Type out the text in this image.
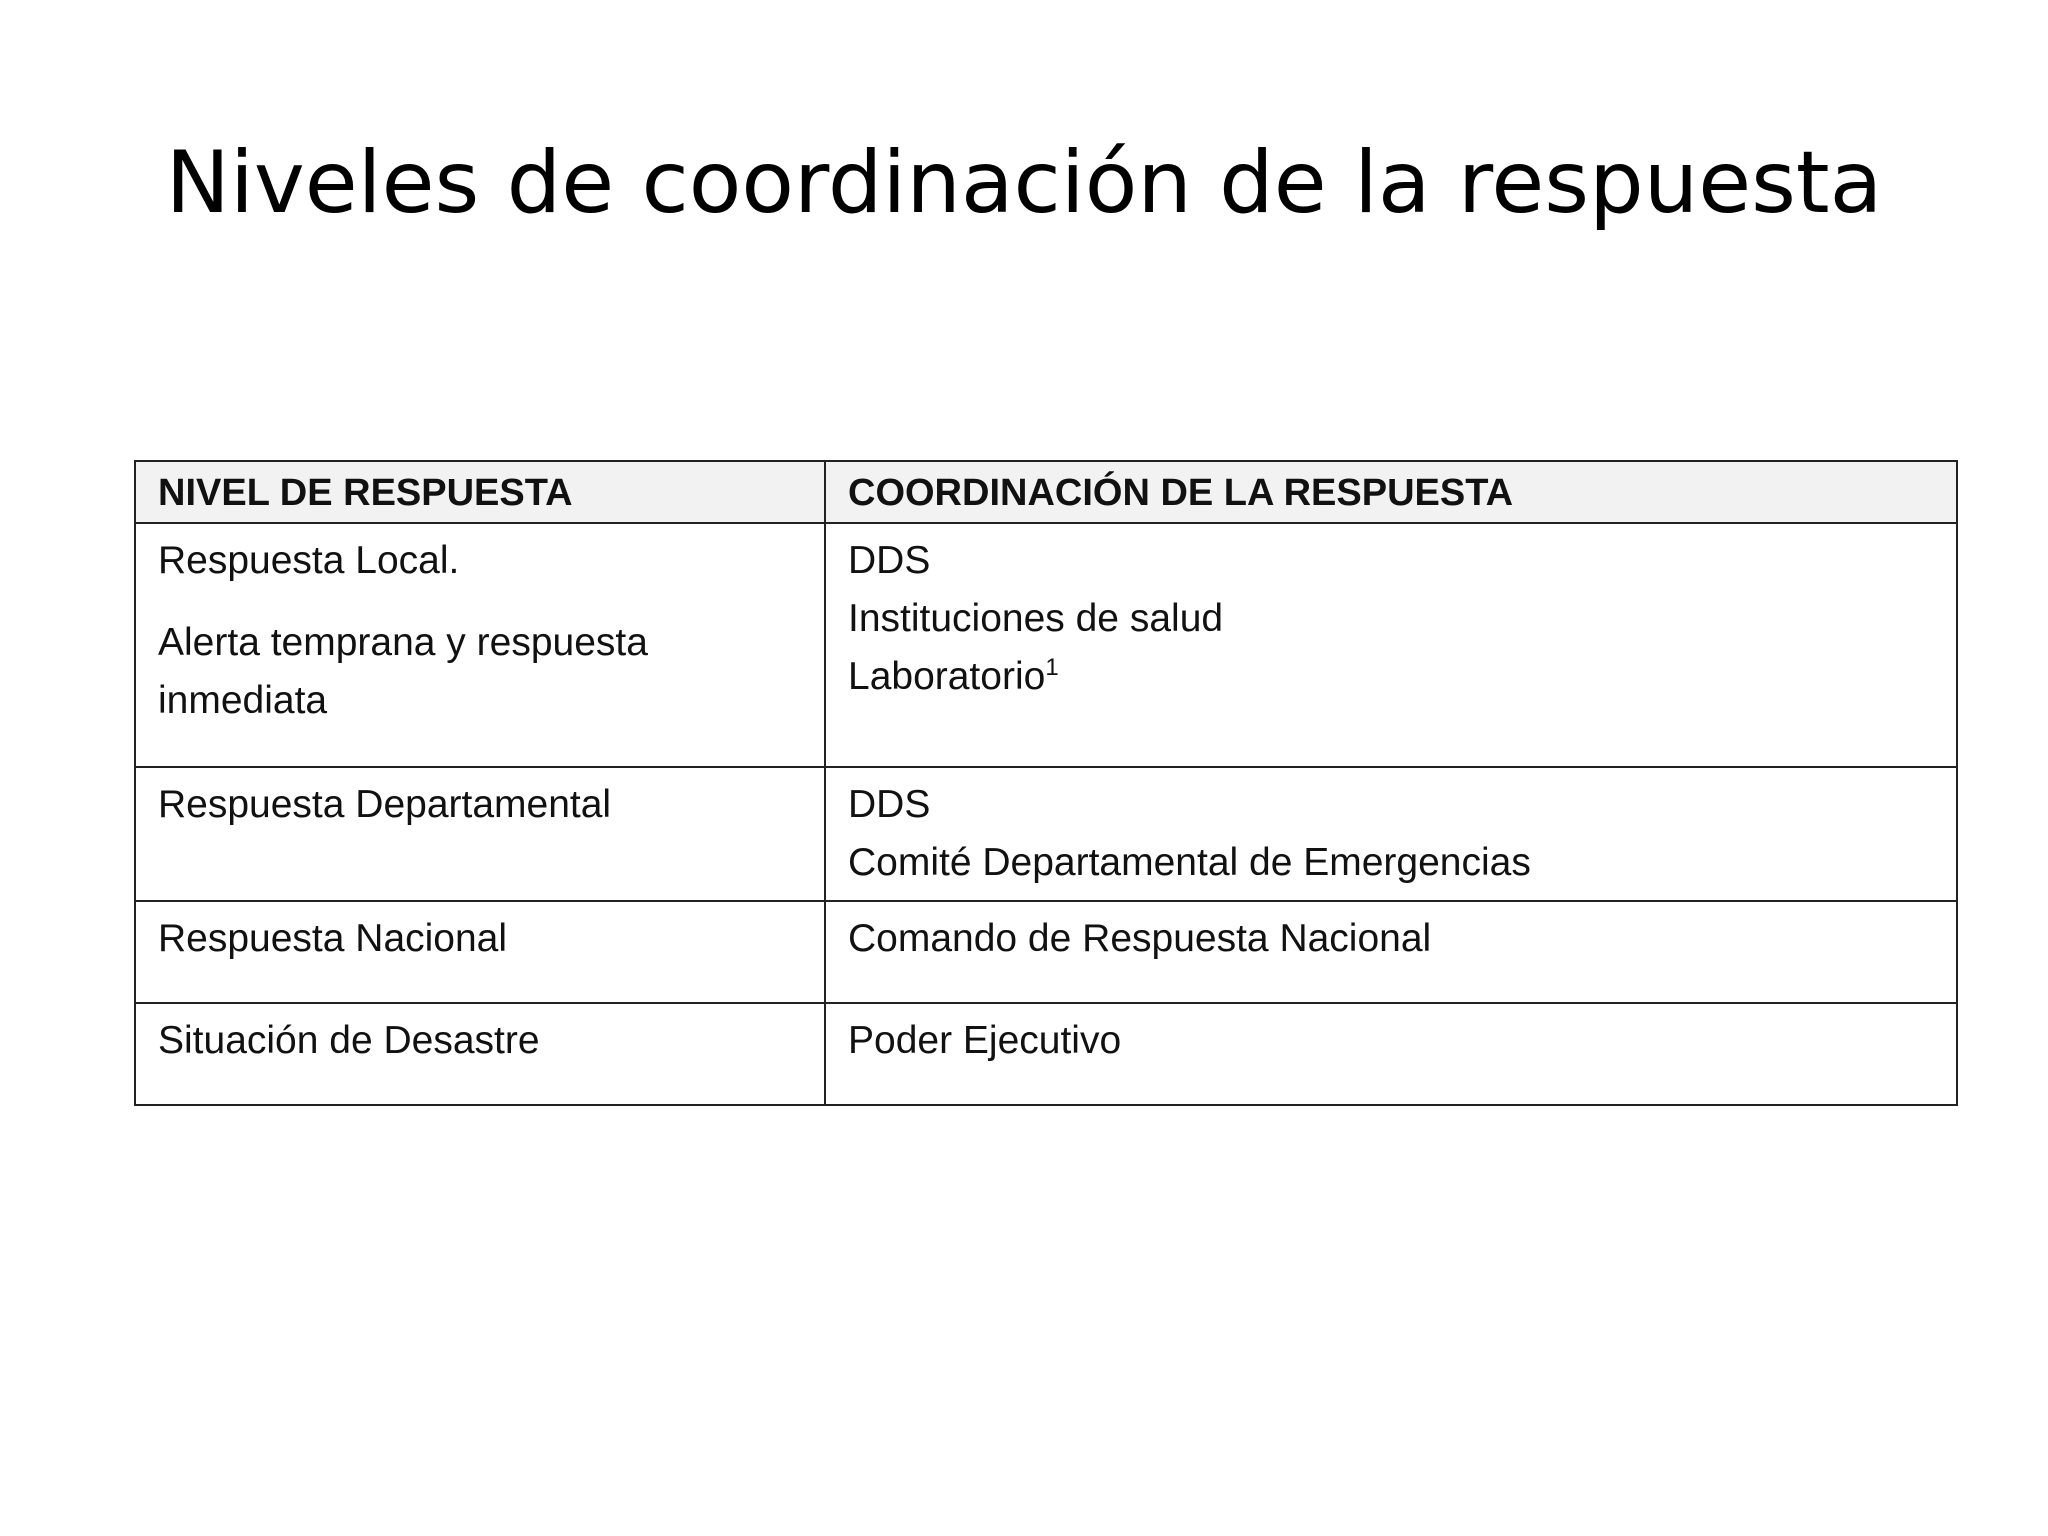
Niveles de coordinación de la respuesta
NIVEL DE RESPUESTA	COORDINACIÓN DE LA RESPUESTA

Respuesta Local.
Alerta temprana y respuesta inmediata	DDS
Instituciones de salud
Laboratorio$^1$

Respuesta Departamental	DDS
Comité Departamental de Emergencias

Respuesta Nacional	Comando de Respuesta Nacional

Situación de Desastre	Poder Ejecutivo
